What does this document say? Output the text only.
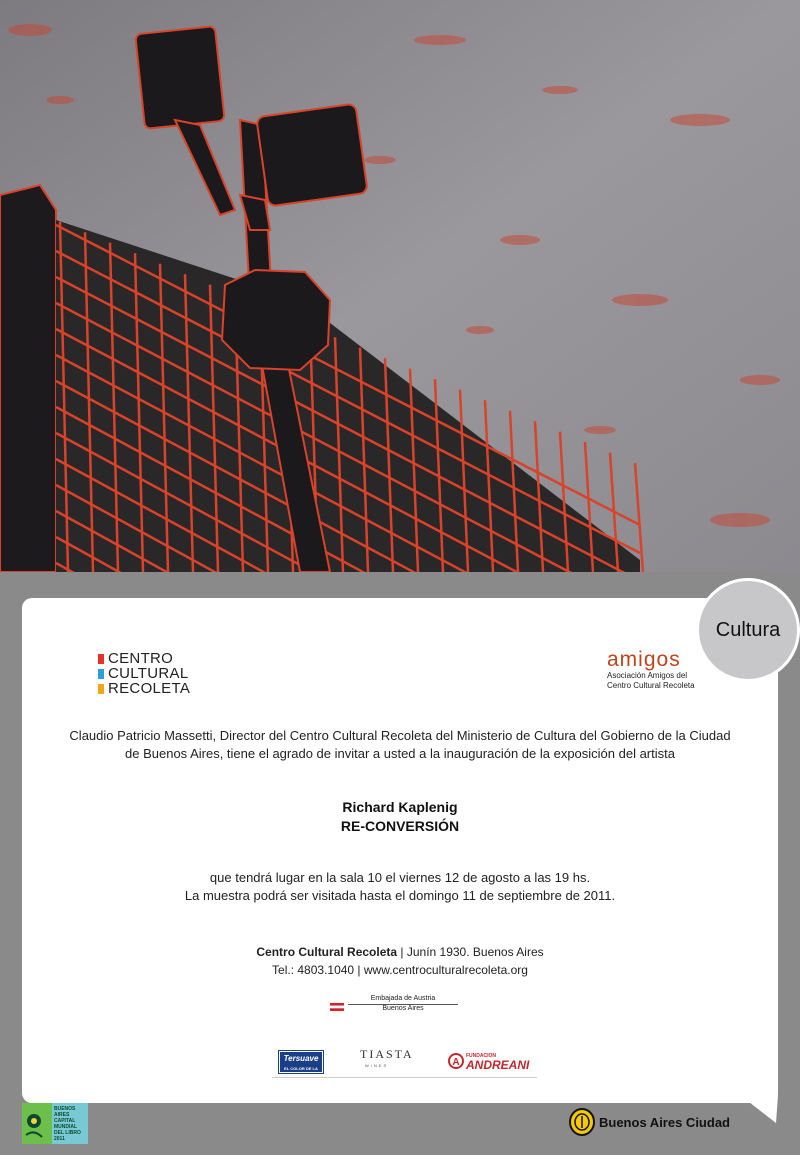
Cultura
CENTRO
CULTURAL
RECOLETA
amigos
Asociación Amigos del
Centro Cultural Recoleta
Claudio Patricio Massetti, Director del Centro Cultural Recoleta del Ministerio de Cultura del Gobierno de la Ciudad
de Buenos Aires, tiene el agrado de invitar a usted a la inauguración de la exposición del artista
Richard Kaplenig
RE-CONVERSIÓN
que tendrá lugar en la sala 10 el viernes 12 de agosto a las 19 hs.
La muestra podrá ser visitada hasta el domingo 11 de septiembre de 2011.
Centro Cultural Recoleta | Junín 1930. Buenos Aires
Tel.: 4803.1040 | www.centroculturalrecoleta.org
Embajada de Austria
Buenos Aires
Tersuave
EL COLOR DE LA CALIDAD
TIASTA
WINES	A
FUNDACION
ANDREANI
BUENOS AIRES CAPITAL MUNDIAL DEL LIBRO 2011
Buenos Aires Ciudad
